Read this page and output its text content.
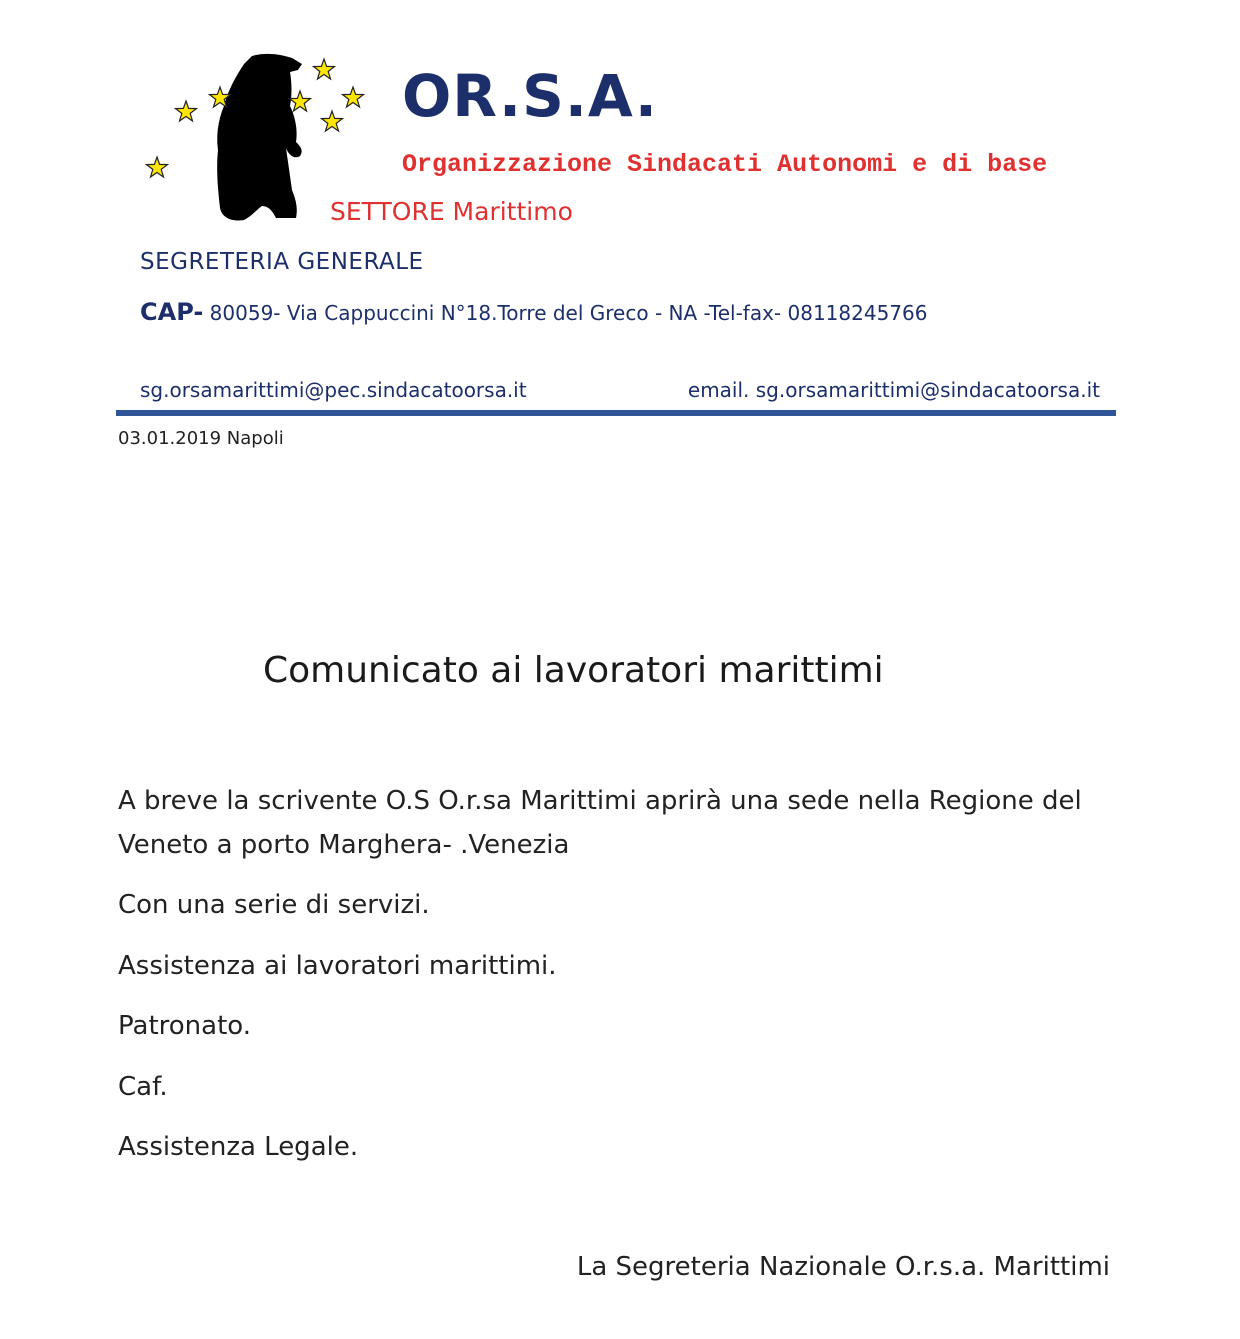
OR.S.A.

Organizzazione Sindacati Autonomi e di base

SETTORE Marittimo

SEGRETERIA GENERALE

CAP- 80059- Via Cappuccini N°18.Torre del Greco - NA -Tel-fax- 08118245766

sg.orsamarittimi@pec.sindacatoorsa.it	email. sg.orsamarittimi@sindacatoorsa.it

03.01.2019 Napoli

Comunicato ai lavoratori marittimi

A breve la scrivente O.S O.r.sa Marittimi aprirà una sede nella Regione del

Veneto a porto Marghera- .Venezia

Con una serie di servizi.

Assistenza ai lavoratori marittimi.

Patronato.

Caf.

Assistenza Legale.

La Segreteria Nazionale O.r.s.a. Marittimi
